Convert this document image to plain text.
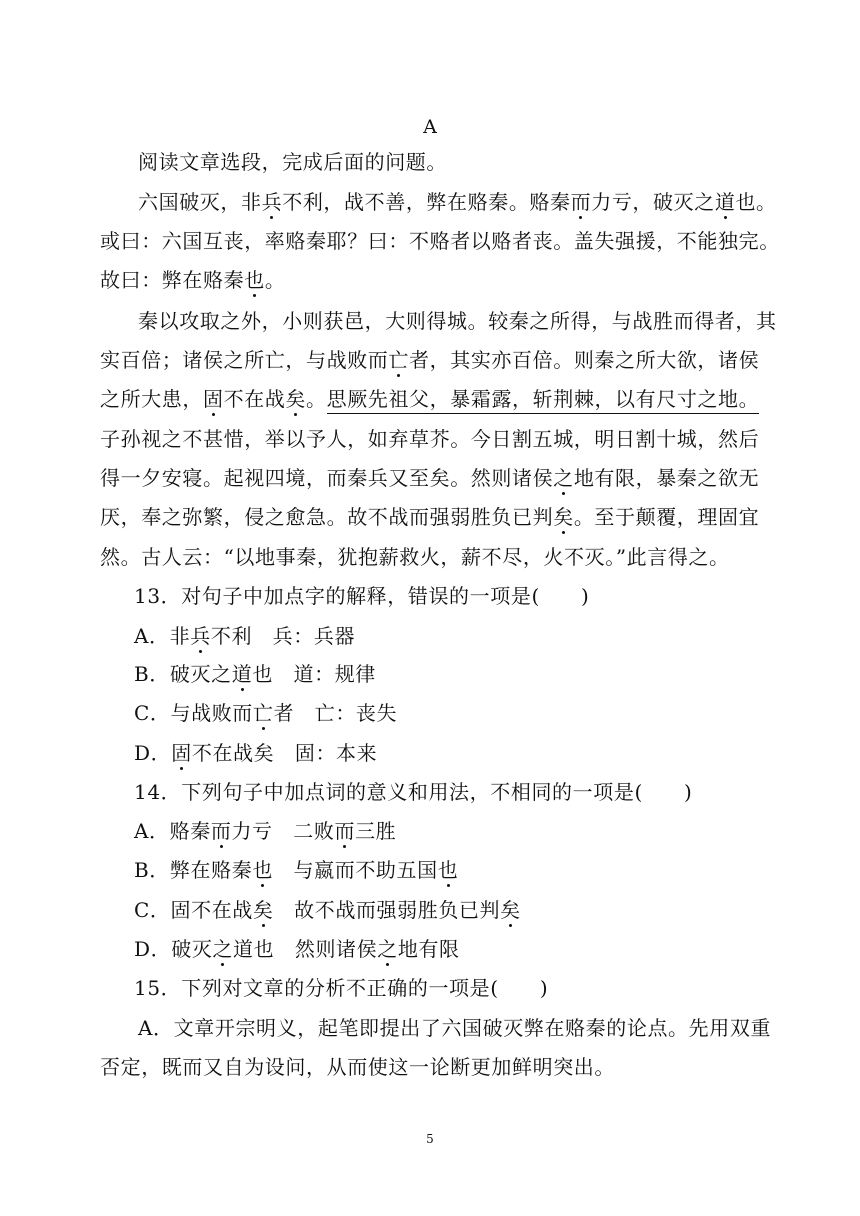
A
阅读文章选段，完成后面的问题。
六国破灭，非兵不利，战不善，弊在赂秦。赂秦而力亏，破灭之道也。
或曰：六国互丧，率赂秦耶？曰：不赂者以赂者丧。盖失强援，不能独完。
故曰：弊在赂秦也。
秦以攻取之外，小则获邑，大则得城。较秦之所得，与战胜而得者，其
实百倍；诸侯之所亡，与战败而亡者，其实亦百倍。则秦之所大欲，诸侯
之所大患，固不在战矣。思厥先祖父，暴霜露，斩荆棘，以有尺寸之地。
子孙视之不甚惜，举以予人，如弃草芥。今日割五城，明日割十城，然后
得一夕安寝。起视四境，而秦兵又至矣。然则诸侯之地有限，暴秦之欲无
厌，奉之弥繁，侵之愈急。故不战而强弱胜负已判矣。至于颠覆，理固宜
然。古人云：“以地事秦，犹抱薪救火，薪不尽，火不灭。”此言得之。
13．对句子中加点字的解释，错误的一项是(　　)
A．非兵不利　兵：兵器
B．破灭之道也　道：规律
C．与战败而亡者　亡：丧失
D．固不在战矣　固：本来
14．下列句子中加点词的意义和用法，不相同的一项是(　　)
A．赂秦而力亏　二败而三胜
B．弊在赂秦也　与嬴而不助五国也
C．固不在战矣　故不战而强弱胜负已判矣
D．破灭之道也　然则诸侯之地有限
15．下列对文章的分析不正确的一项是(　　)
A．文章开宗明义，起笔即提出了六国破灭弊在赂秦的论点。先用双重
否定，既而又自为设问，从而使这一论断更加鲜明突出。
5
